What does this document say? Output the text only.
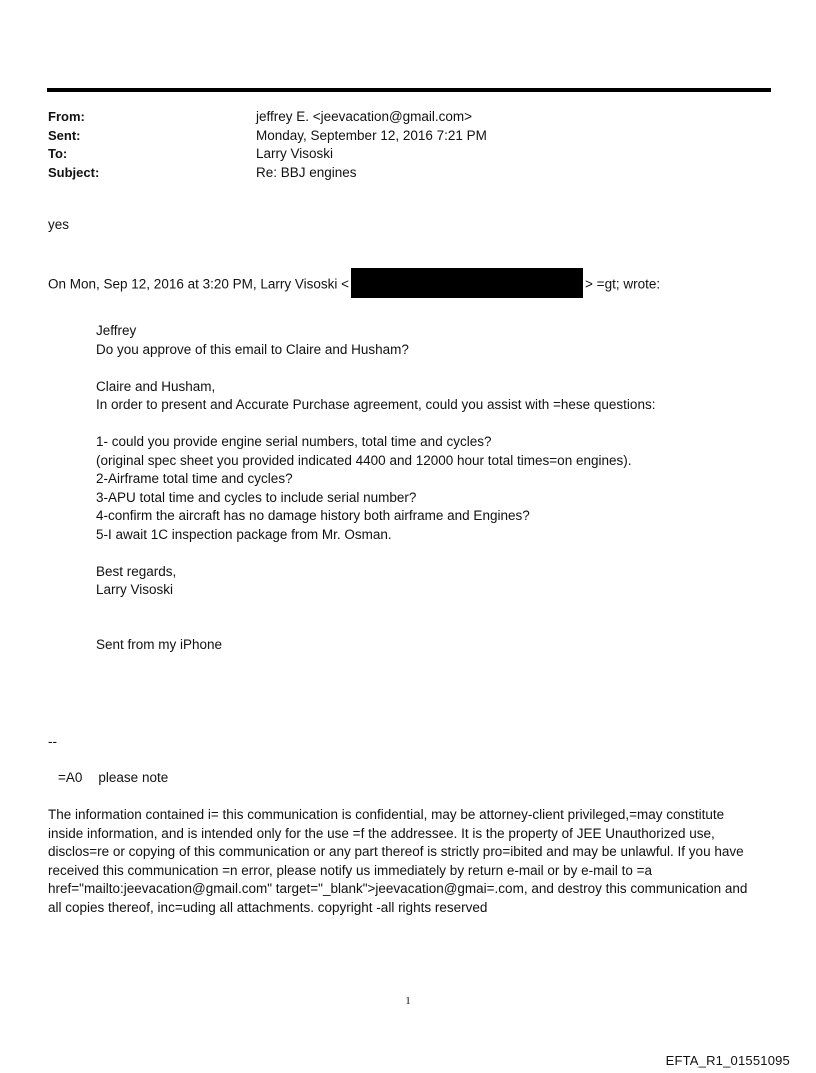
From:	jeffrey E. <jeevacation@gmail.com>
Sent:	Monday, September 12, 2016 7:21 PM
To:	Larry Visoski
Subject:	Re: BBJ engines
yes
On Mon, Sep 12, 2016 at 3:20 PM, Larry Visoski <	> =gt; wrote:

Jeffrey
Do you approve of this email to Claire and Husham?

Claire and Husham,
In order to present and Accurate Purchase agreement, could you assist with =hese questions:

1- could you provide engine serial numbers, total time and cycles?
(original spec sheet you provided indicated 4400 and 12000 hour total times=on engines).
2-Airframe total time and cycles?
3-APU total time and cycles to include serial number?
4-confirm the aircraft has no damage history both airframe and Engines?
5-I await 1C inspection package from Mr. Osman.

Best regards,
Larry Visoski

Sent from my iPhone

--
=A0 please note
The information contained i= this communication is confidential, may be attorney-client privileged,=may constitute
inside information, and is intended only for the use =f the addressee. It is the property of JEE Unauthorized use,
disclos=re or copying of this communication or any part thereof is strictly pro=ibited and may be unlawful. If you have
received this communication =n error, please notify us immediately by return e-mail or by e-mail to =a
href="mailto:jeevacation@gmail.com" target="_blank">jeevacation@gmai=.com, and destroy this communication and
all copies thereof, inc=uding all attachments. copyright -all rights reserved
1
EFTA_R1_01551095
